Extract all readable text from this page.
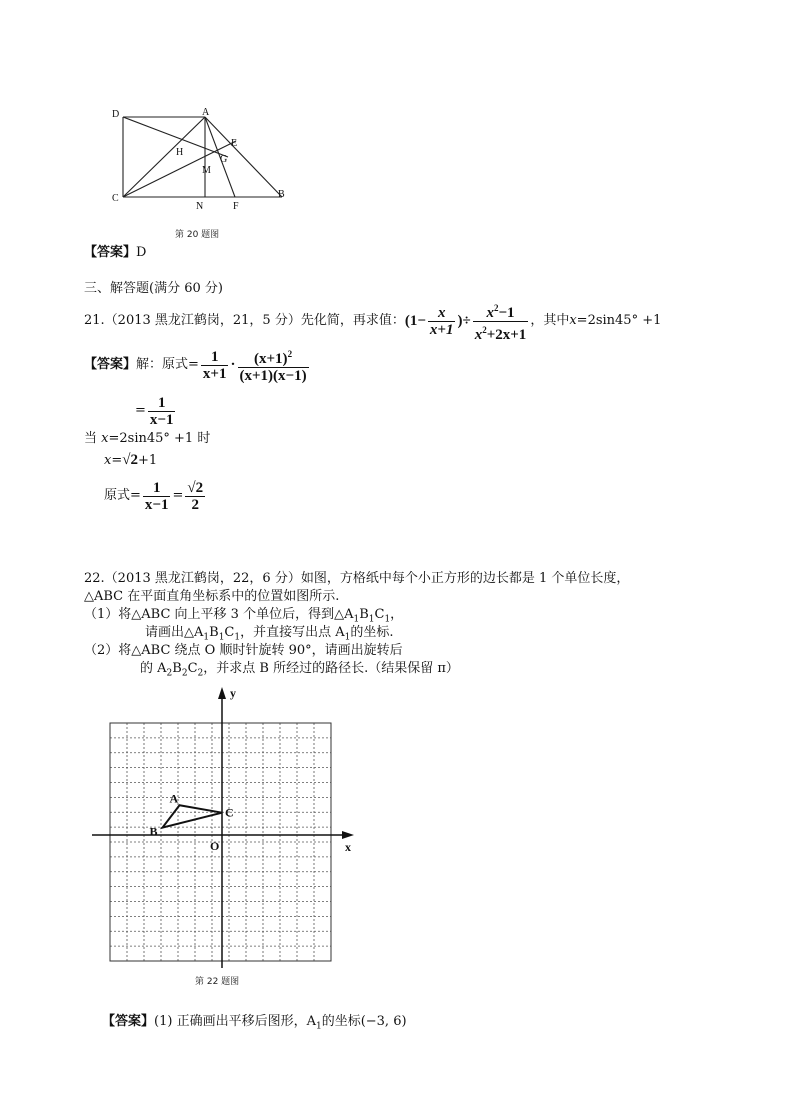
D	A
E
H
G
M
C
N	F
B
第 20 题图
【答案】D
三、解答题(满分 60 分)
21.（2013 黑龙江鹤岗，21，5 分）先化简，再求值： ($1- \frac{x}{x+1}$ )÷ $\frac{x^2-1}{x^2+2x+1}$ ，其中 x =2sin45° +1
【答案】 解：原式= $\frac{1}{x+1} \cdot \frac{(x+1)^2}{(x+1)(x-1)}$
= $\frac{1}{x-1}$
当 x=2sin45° +1 时
x=√2+1
原式= $\frac{1}{x-1} = \frac{√2}{2}$
22.（2013 黑龙江鹤岗，22，6 分）如图，方格纸中每个小正方形的边长都是 1 个单位长度，
△ABC 在平面直角坐标系中的位置如图所示.
（1）将△ABC 向上平移 3 个单位后，得到$\triangle A_1B_1C_1$，
请画出$\triangle A_1B_1C_1$，并直接写出点 $A_1$的坐标.
（2）将△ABC 绕点 O 顺时针旋转 90°，请画出旋转后
的 $A_2B_2C_2$，并求点 B 所经过的路径长.（结果保留 π）
y
x
O
A
B
C
第 22 题图
【答案】(1) 正确画出平移后图形，$A_1$的坐标(−3, 6)
